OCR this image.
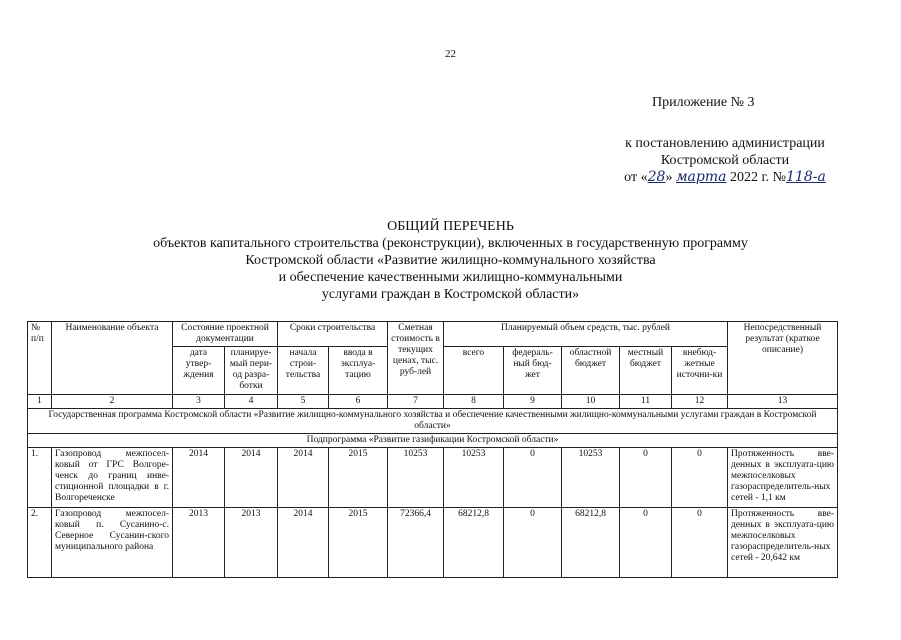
22
Приложение № 3
к постановлению администрации
Костромской области
от «28» марта 2022 г. №118-а
ОБЩИЙ ПЕРЕЧЕНЬ
объектов капитального строительства (реконструкции), включенных в государственную программу
Костромской области «Развитие жилищно-коммунального хозяйства
и обеспечение качественными жилищно-коммунальными
услугами граждан в Костромской области»
№ п/п	Наименование объекта	Состояние проектной документации		Сроки строительства		Сметная стоимость в текущих ценах, тыс. руб-лей	Планируемый объем средств, тыс. рублей					Непосредственный результат (краткое описание)
		дата утвер-ждения	планируе-мый пери-од разра-ботки	начала строи-тельства	ввода в эксплуа-тацию		всего	федераль-ный бюд-жет	областной бюджет	местный бюджет	внебюд-жетные источни-ки	
1	2	3	4	5	6	7	8	9	10	11	12	13
Государственная программа Костромской области «Развитие жилищно-коммунального хозяйства и обеспечение качественными жилищно-коммунальными услугами граждан в Костромской области»												
Подпрограмма «Развитие газификации Костромской области»												
1.	Газопровод межпосел-ковый от ГРС Волгоре-ченск до границ инве-стиционной площадки в г. Волгореченске	2014	2014	2014	2015	10253	10253	0	10253	0	0	Протяженность вве-денных в эксплуата-цию межпоселковых газораспределитель-ных сетей - 1,1 км
2.	Газопровод межпосел-ковый п. Сусанино-с. Северное Сусанин-ского муниципального района	2013	2013	2014	2015	72366,4	68212,8	0	68212,8	0	0	Протяженность вве-денных в эксплуата-цию межпоселковых газораспределитель-ных сетей - 20,642 км
